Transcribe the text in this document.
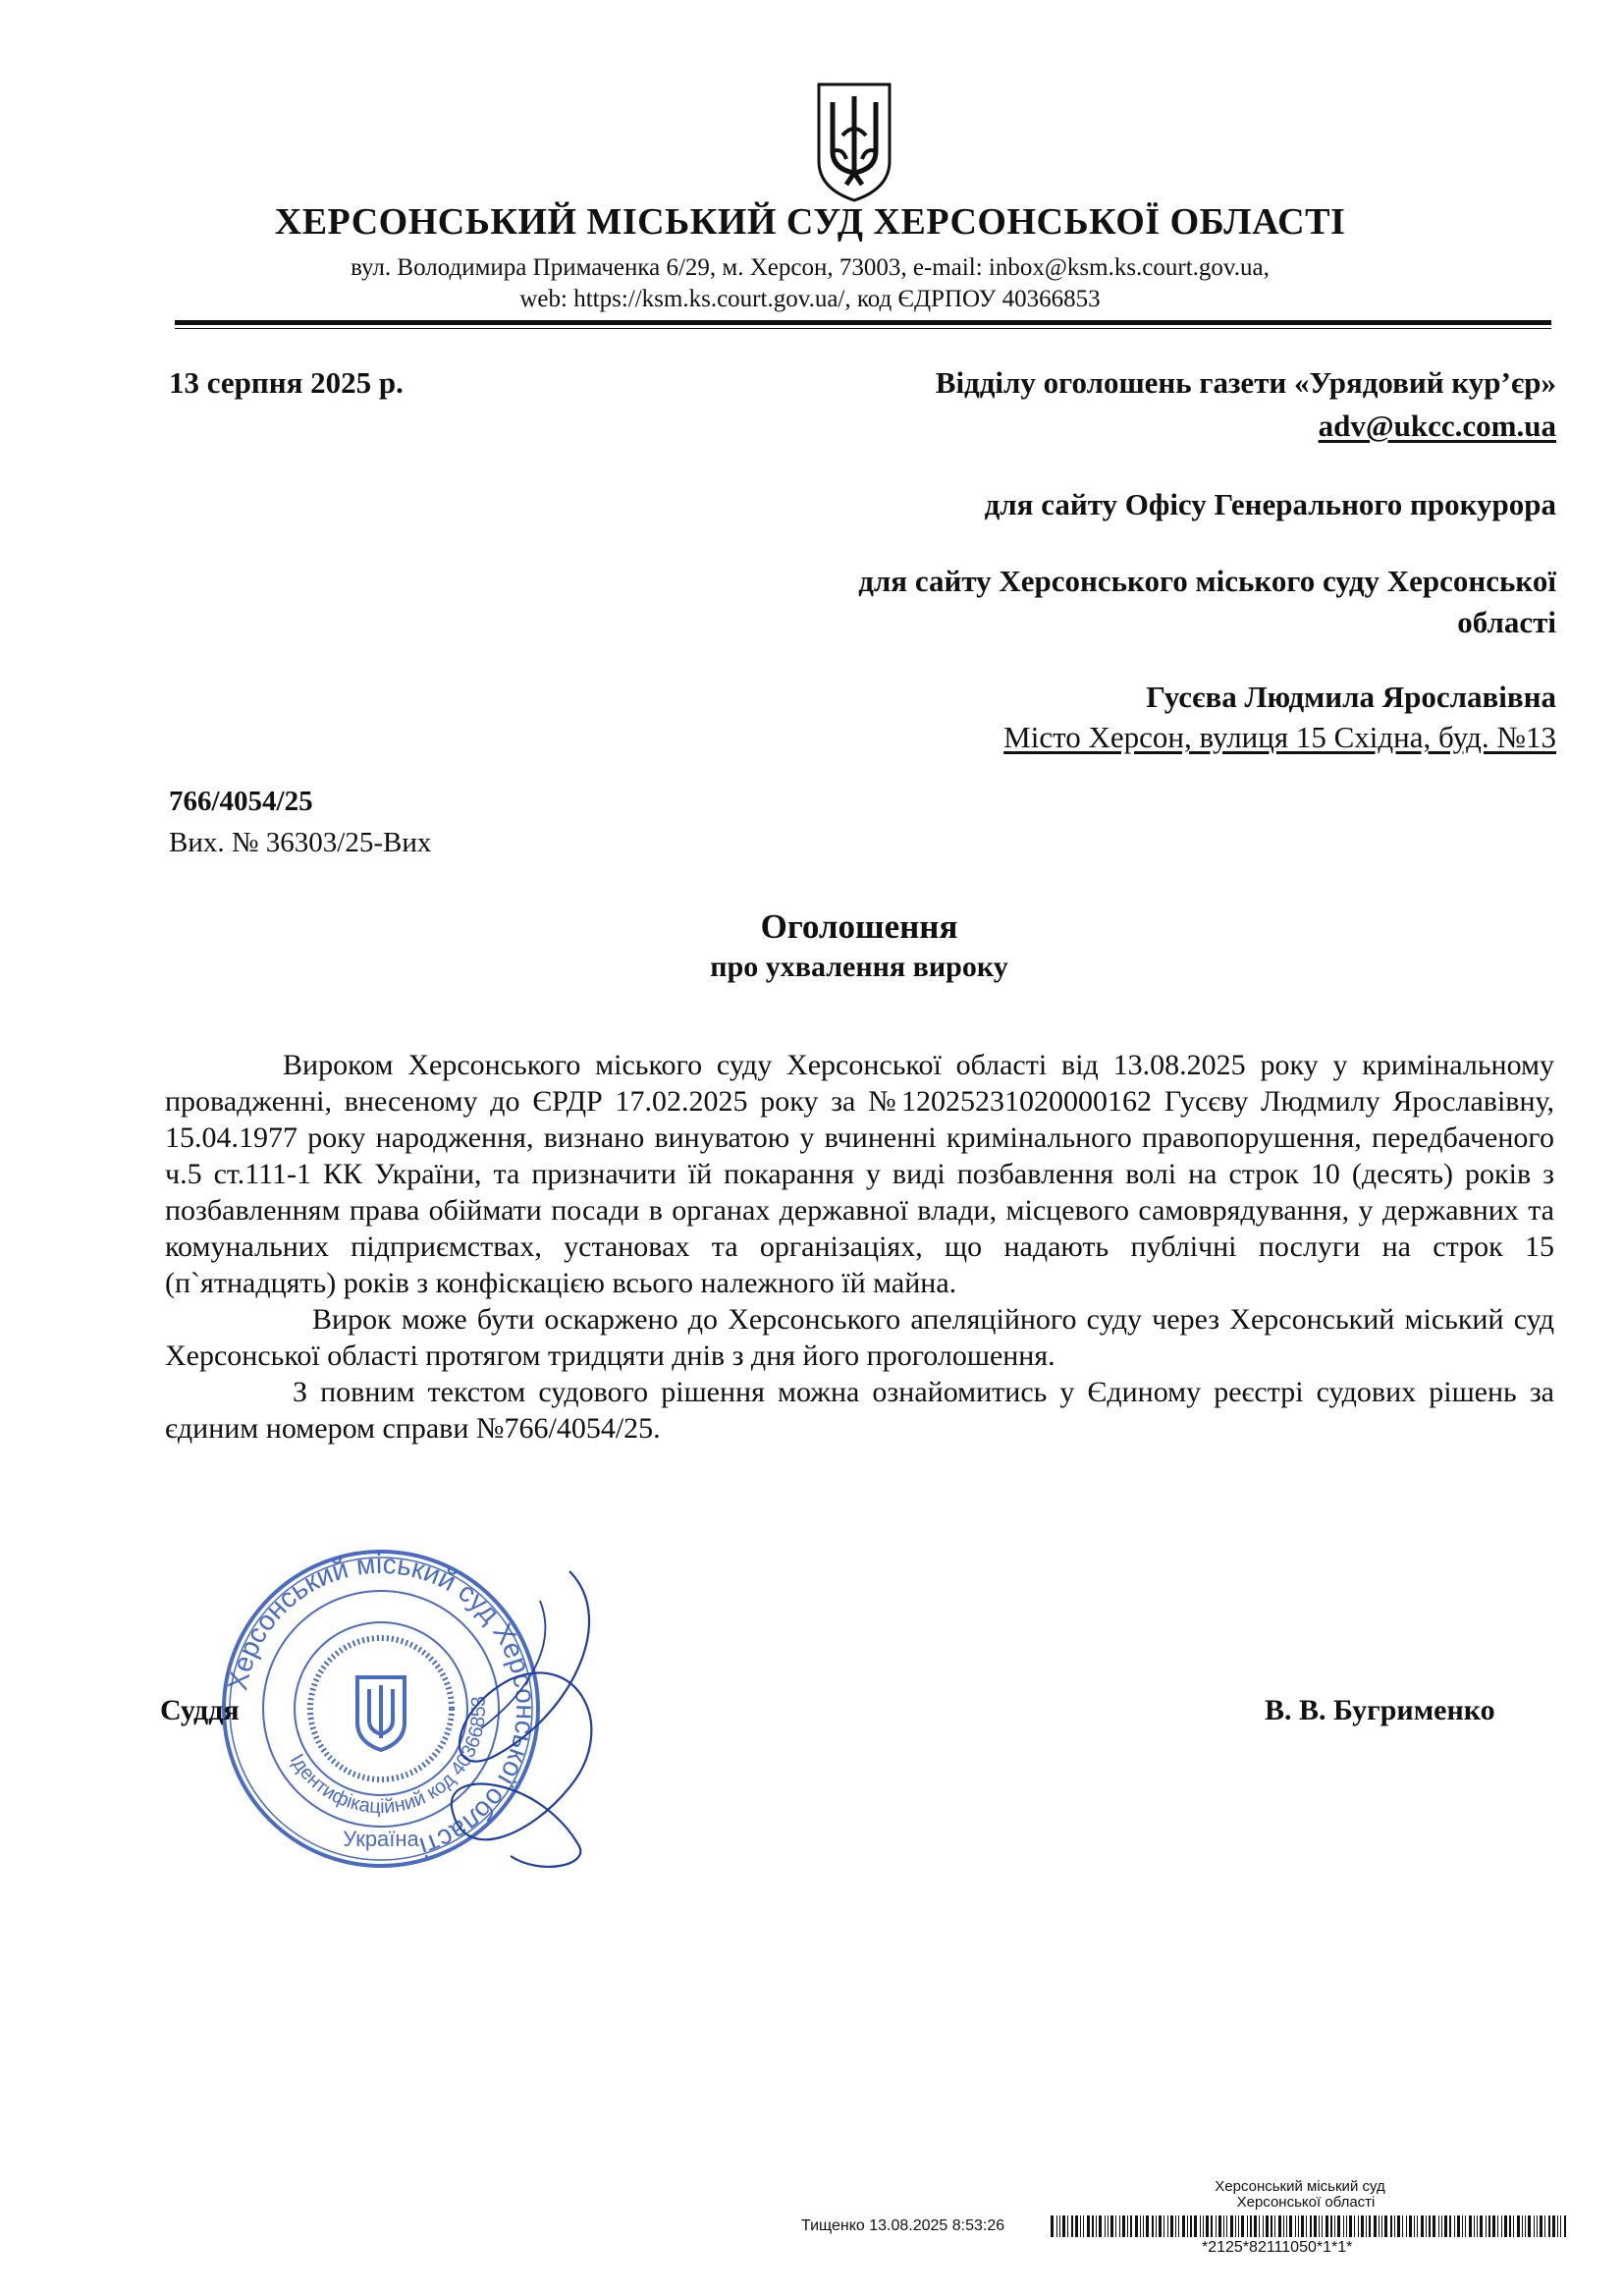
ХЕРСОНСЬКИЙ МІСЬКИЙ СУД ХЕРСОНСЬКОЇ ОБЛАСТІ
вул. Володимира Примаченка 6/29, м. Херсон, 73003, e-mail: inbox@ksm.ks.court.gov.ua,
web: https://ksm.ks.court.gov.ua/, код ЄДРПОУ 40366853
13 серпня 2025 р.	Відділу оголошень газети «Урядовий кур’єр»
adv@ukcc.com.ua
для сайту Офісу Генерального прокурора
для сайту Херсонського міського суду Херсонської
області
Гусєва Людмила Ярославівна
Місто Херсон, вулиця 15 Східна, буд. №13
766/4054/25
Вих. № 36303/25-Вих
Оголошення
про ухвалення вироку

Вироком Херсонського міського суду Херсонської області від 13.08.2025 року у кримінальному провадженні, внесеному до ЄРДР 17.02.2025 року за №12025231020000162 Гусєву Людмилу Ярославівну, 15.04.1977 року народження, визнано винуватою у вчиненні кримінального правопорушення, передбаченого ч.5 ст.111-1 КК України, та призначити їй покарання у виді позбавлення волі на строк 10 (десять) років з позбавленням права обіймати посади в органах державної влади, місцевого самоврядування, у державних та комунальних підприємствах, установах та організаціях, що надають публічні послуги на строк 15 (п`ятнадцять) років з конфіскацією всього належного їй майна.

Вирок може бути оскаржено до Херсонського апеляційного суду через Херсонський міський суд Херсонської області протягом тридцяти днів з дня його проголошення.

З повним текстом судового рішення можна ознайомитись у Єдиному реєстрі судових рішень за єдиним номером справи №766/4054/25.

Херсонський міський суд Херсонської області
Ідентифікаційний код 40366853
Україна
Суддя	В. В. Бугрименко
Херсонський міський суд
Херсонської області
Тищенко 13.08.2025 8:53:26
*2125*82111050*1*1*
